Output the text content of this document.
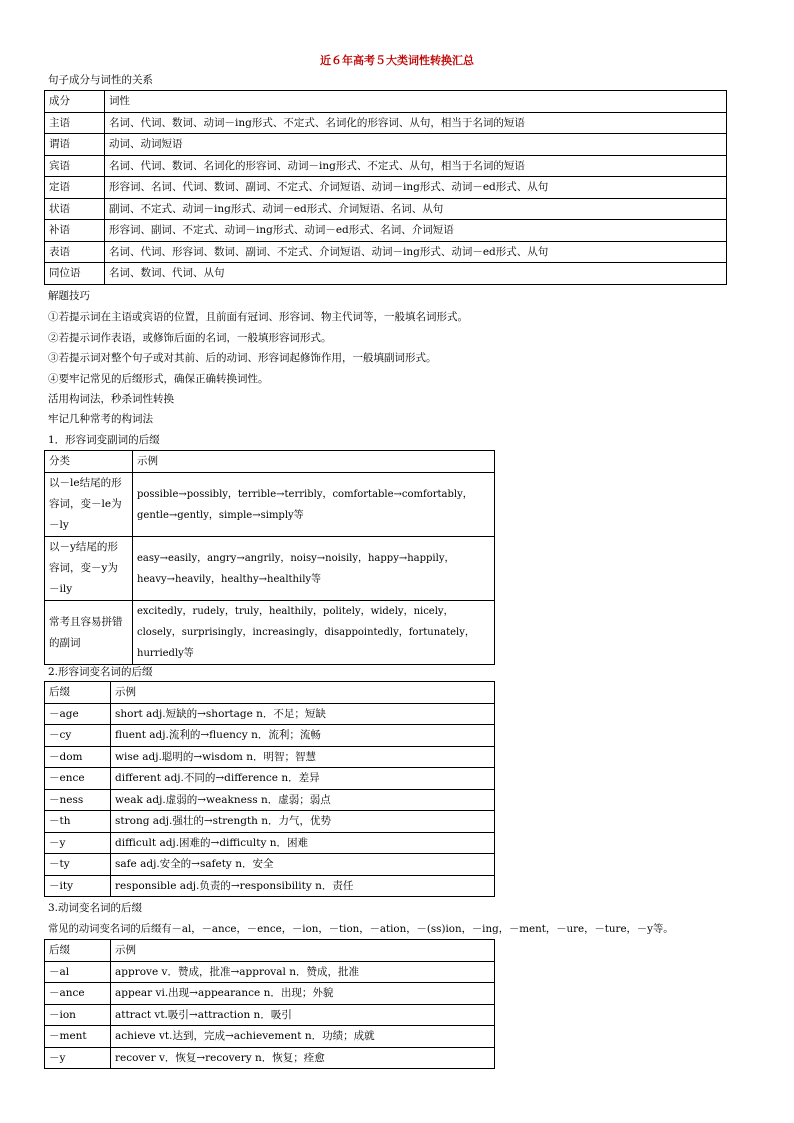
近６年高考５大类词性转换汇总
句子成分与词性的关系
成分	词性
主语	名词、代词、数词、动词－ing形式、不定式、名词化的形容词、从句，相当于名词的短语
谓语	动词、动词短语
宾语	名词、代词、数词、名词化的形容词、动词－ing形式、不定式、从句，相当于名词的短语
定语	形容词、名词、代词、数词、副词、不定式、介词短语、动词－ing形式、动词－ed形式、从句
状语	副词、不定式、动词－ing形式、动词－ed形式、介词短语、名词、从句
补语	形容词、副词、不定式、动词－ing形式、动词－ed形式、名词、介词短语
表语	名词、代词、形容词、数词、副词、不定式、介词短语、动词－ing形式、动词－ed形式、从句
同位语	名词、数词、代词、从句
解题技巧
①若提示词在主语或宾语的位置，且前面有冠词、形容词、物主代词等，一般填名词形式。
②若提示词作表语，或修饰后面的名词，一般填形容词形式。
③若提示词对整个句子或对其前、后的动词、形容词起修饰作用，一般填副词形式。
④要牢记常见的后缀形式，确保正确转换词性。
活用构词法，秒杀词性转换
牢记几种常考的构词法
1．形容词变副词的后缀
分类	示例
以－le结尾的形容词，变－le为－ly	possible→possibly，terrible→terribly，comfortable→comfortably，gentle→gently，simple→simply等
以－y结尾的形容词，变－y为－ily	easy→easily，angry→angrily，noisy→noisily，happy→happily，heavy→heavily，healthy→healthily等
常考且容易拼错的副词	excitedly，rudely，truly，healthily，politely，widely，nicely，closely，surprisingly，increasingly，disappointedly，fortunately，hurriedly等
2.形容词变名词的后缀
后缀	示例
－age	short adj.短缺的→shortage n．不足；短缺
－cy	fluent adj.流利的→fluency n．流利；流畅
－dom	wise adj.聪明的→wisdom n．明智；智慧
－ence	different adj.不同的→difference n．差异
－ness	weak adj.虚弱的→weakness n．虚弱；弱点
－th	strong adj.强壮的→strength n．力气，优势
－y	difficult adj.困难的→difficulty n．困难
－ty	safe adj.安全的→safety n．安全
－ity	responsible adj.负责的→responsibility n．责任
3.动词变名词的后缀
常见的动词变名词的后缀有－al，－ance，－ence，－ion，－tion，－ation，－(ss)ion，－ing，－ment，－ure，－ture，－y等。
后缀	示例
－al	approve v．赞成，批准→approval n．赞成，批准
－ance	appear vi.出现→appearance n．出现；外貌
－ion	attract vt.吸引→attraction n．吸引
－ment	achieve vt.达到，完成→achievement n．功绩；成就
－y	recover v．恢复→recovery n．恢复；痊愈
